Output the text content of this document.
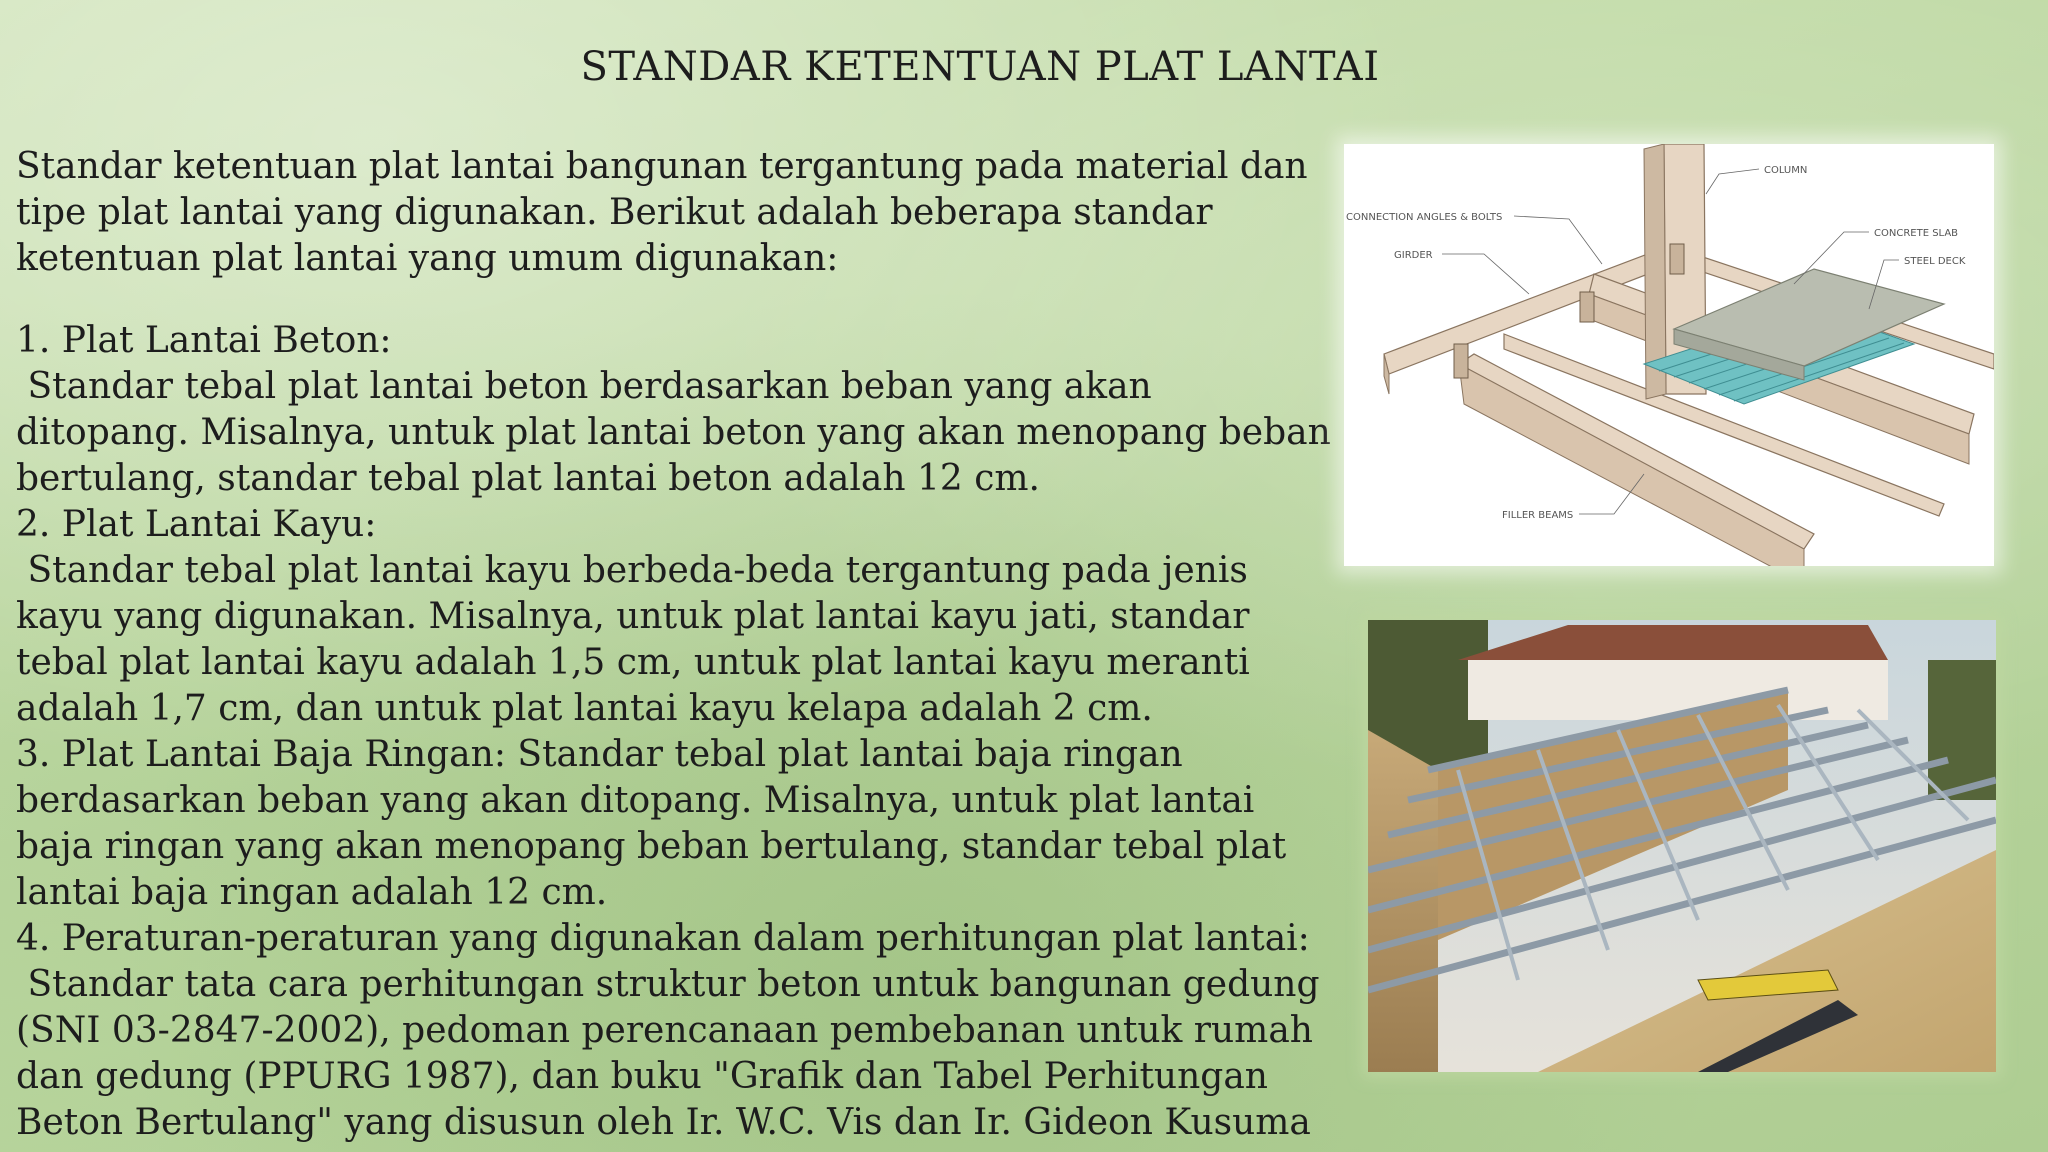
STANDAR KETENTUAN PLAT LANTAI

Standar ketentuan plat lantai bangunan tergantung pada material dan tipe plat lantai yang digunakan. Berikut adalah beberapa standar ketentuan plat lantai yang umum digunakan:

1. Plat Lantai Beton:
Standar tebal plat lantai beton berdasarkan beban yang akan ditopang. Misalnya, untuk plat lantai beton yang akan menopang beban bertulang, standar tebal plat lantai beton adalah 12 cm.

2. Plat Lantai Kayu:
Standar tebal plat lantai kayu berbeda-beda tergantung pada jenis kayu yang digunakan. Misalnya, untuk plat lantai kayu jati, standar tebal plat lantai kayu adalah 1,5 cm, untuk plat lantai kayu meranti adalah 1,7 cm, dan untuk plat lantai kayu kelapa adalah 2 cm.

3. Plat Lantai Baja Ringan: Standar tebal plat lantai baja ringan berdasarkan beban yang akan ditopang. Misalnya, untuk plat lantai baja ringan yang akan menopang beban bertulang, standar tebal plat lantai baja ringan adalah 12 cm.

4. Peraturan-peraturan yang digunakan dalam perhitungan plat lantai:
Standar tata cara perhitungan struktur beton untuk bangunan gedung (SNI 03-2847-2002), pedoman perencanaan pembebanan untuk rumah dan gedung (PPURG 1987), dan buku "Grafik dan Tabel Perhitungan Beton Bertulang" yang disusun oleh Ir. W.C. Vis dan Ir. Gideon Kusuma

COLUMN
CONNECTION ANGLES & BOLTS
GIRDER
CONCRETE SLAB
STEEL DECK
FILLER BEAMS
